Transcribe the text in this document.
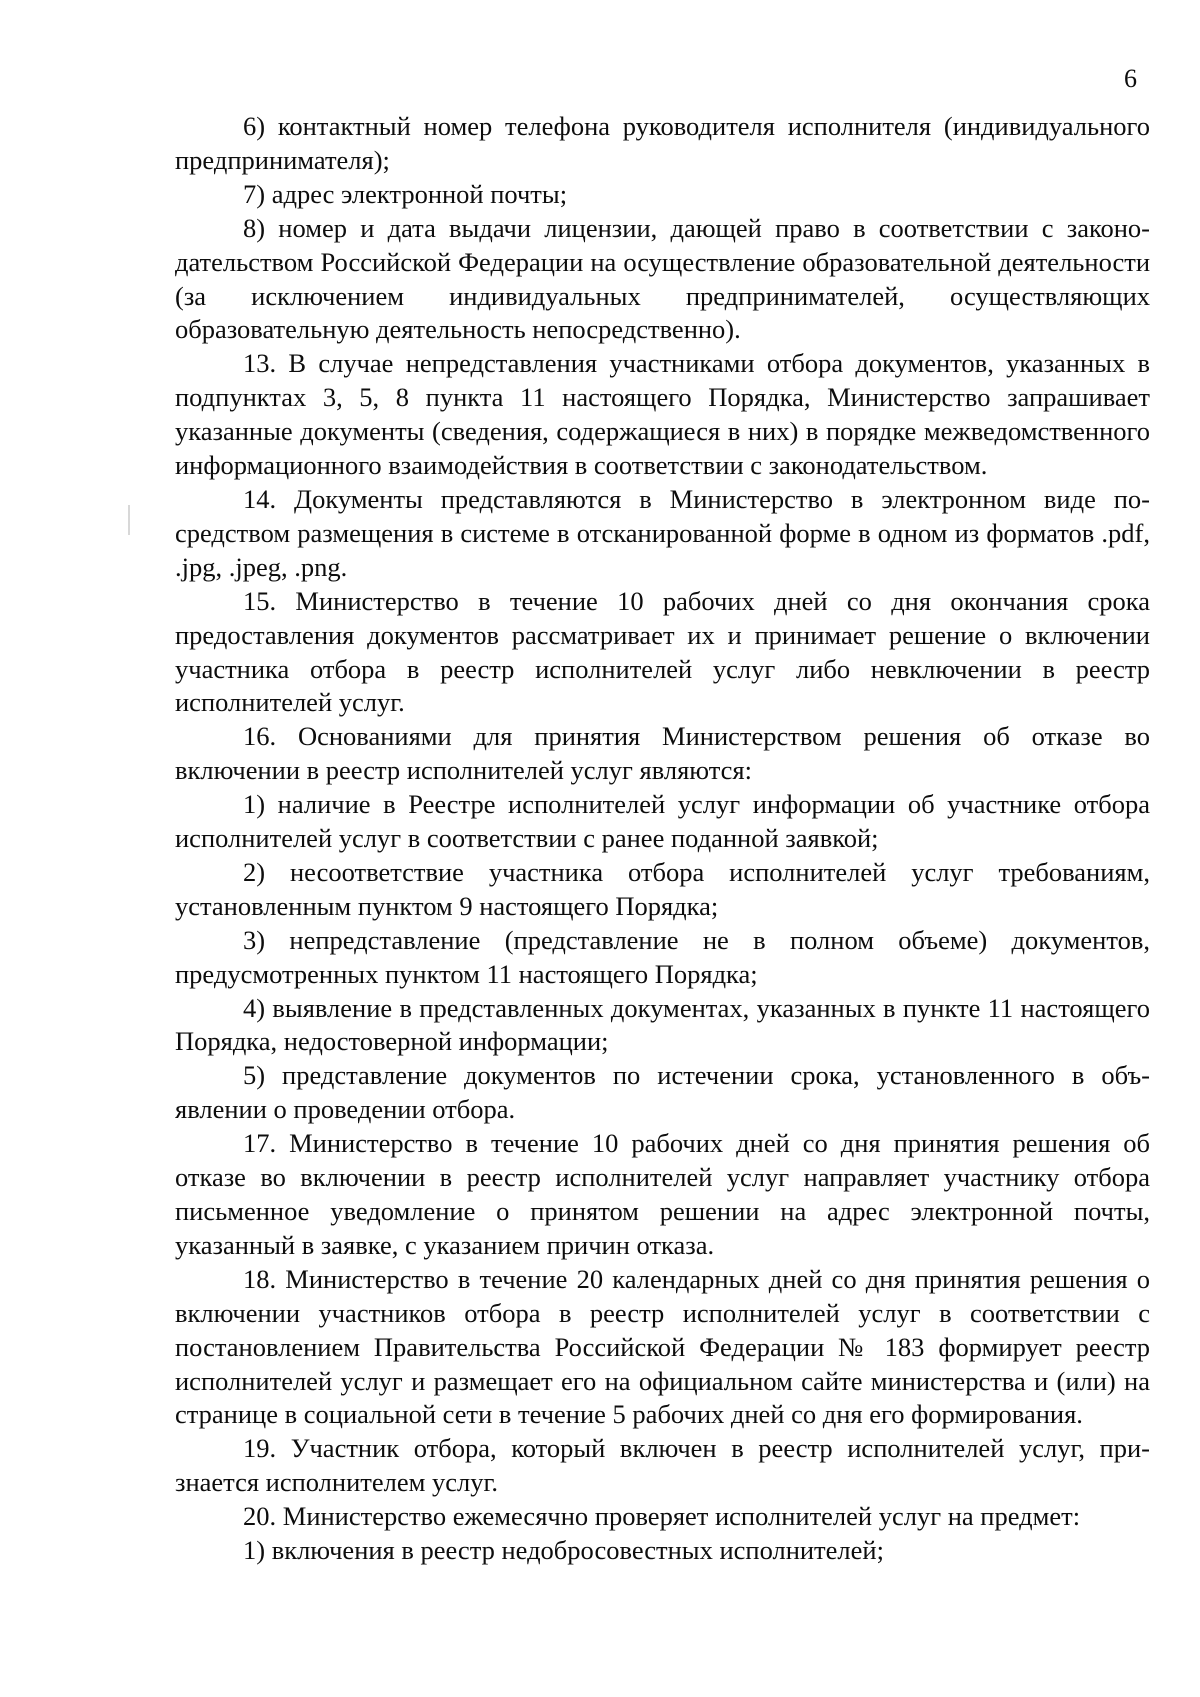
6

6) контактный номер телефона руководителя исполнителя (индивидуального предпринимателя);

7) адрес электронной почты;

8) номер и дата выдачи лицензии, дающей право в соответствии с законодательством Российской Федерации на осуществление образовательной деятельности (за исключением индивидуальных предпринимателей, осуществляющих образовательную деятельность непосредственно).

13. В случае непредставления участниками отбора документов, указанных в подпунктах 3, 5, 8 пункта 11 настоящего Порядка, Министерство запрашивает указанные документы (сведения, содержащиеся в них) в порядке межведомственного информационного взаимодействия в соответствии с законодательством.

14. Документы представляются в Министерство в электронном виде посредством размещения в системе в отсканированной форме в одном из форматов .pdf, .jpg, .jpeg, .png.

15. Министерство в течение 10 рабочих дней со дня окончания срока предоставления документов рассматривает их и принимает решение о включении участника отбора в реестр исполнителей услуг либо невключении в реестр исполнителей услуг.

16. Основаниями для принятия Министерством решения об отказе во включении в реестр исполнителей услуг являются:

1) наличие в Реестре исполнителей услуг информации об участнике отбора исполнителей услуг в соответствии с ранее поданной заявкой;

2) несоответствие участника отбора исполнителей услуг требованиям, установленным пунктом 9 настоящего Порядка;

3) непредставление (представление не в полном объеме) документов, предусмотренных пунктом 11 настоящего Порядка;

4) выявление в представленных документах, указанных в пункте 11 настоящего Порядка, недостоверной информации;

5) представление документов по истечении срока, установленного в объявлении о проведении отбора.

17. Министерство в течение 10 рабочих дней со дня принятия решения об отказе во включении в реестр исполнителей услуг направляет участнику отбора письменное уведомление о принятом решении на адрес электронной почты, указанный в заявке, с указанием причин отказа.

18. Министерство в течение 20 календарных дней со дня принятия решения о включении участников отбора в реестр исполнителей услуг в соответствии с постановлением Правительства Российской Федерации № 183 формирует реестр исполнителей услуг и размещает его на официальном сайте министерства и (или) на странице в социальной сети в течение 5 рабочих дней со дня его формирования.

19. Участник отбора, который включен в реестр исполнителей услуг, признается исполнителем услуг.

20. Министерство ежемесячно проверяет исполнителей услуг на предмет:

1) включения в реестр недобросовестных исполнителей;
